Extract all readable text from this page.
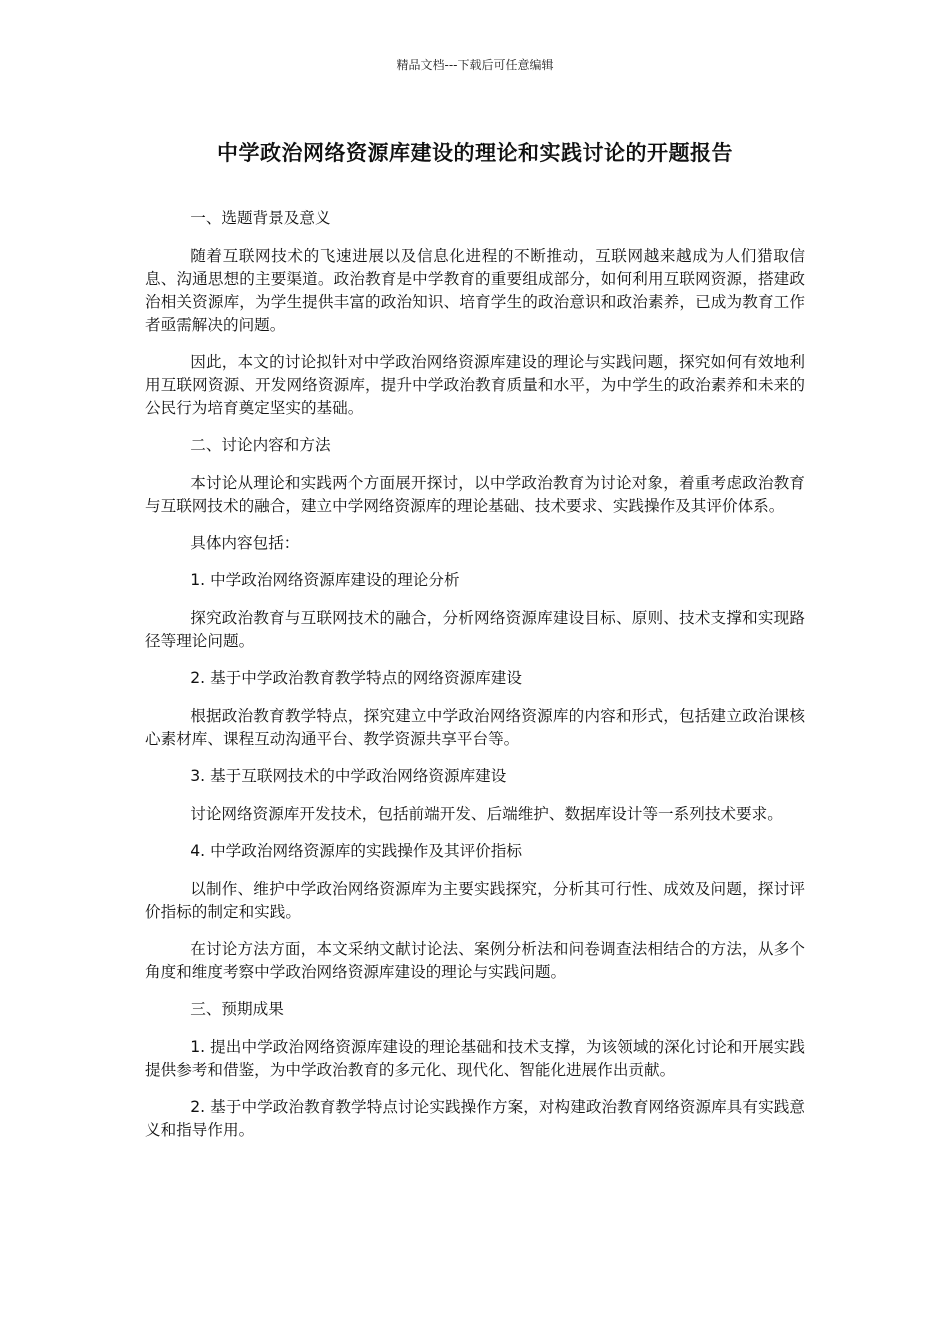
精品文档---下载后可任意编辑
中学政治网络资源库建设的理论和实践讨论的开题报告

一、选题背景及意义

随着互联网技术的飞速进展以及信息化进程的不断推动，互联网越来越成为人们猎取信息、沟通思想的主要渠道。政治教育是中学教育的重要组成部分，如何利用互联网资源，搭建政治相关资源库，为学生提供丰富的政治知识、培育学生的政治意识和政治素养，已成为教育工作者亟需解决的问题。

因此，本文的讨论拟针对中学政治网络资源库建设的理论与实践问题，探究如何有效地利用互联网资源、开发网络资源库，提升中学政治教育质量和水平，为中学生的政治素养和未来的公民行为培育奠定坚实的基础。

二、讨论内容和方法

本讨论从理论和实践两个方面展开探讨，以中学政治教育为讨论对象，着重考虑政治教育与互联网技术的融合，建立中学网络资源库的理论基础、技术要求、实践操作及其评价体系。

具体内容包括：

1. 中学政治网络资源库建设的理论分析

探究政治教育与互联网技术的融合，分析网络资源库建设目标、原则、技术支撑和实现路径等理论问题。

2. 基于中学政治教育教学特点的网络资源库建设

根据政治教育教学特点，探究建立中学政治网络资源库的内容和形式，包括建立政治课核心素材库、课程互动沟通平台、教学资源共享平台等。

3. 基于互联网技术的中学政治网络资源库建设

讨论网络资源库开发技术，包括前端开发、后端维护、数据库设计等一系列技术要求。

4. 中学政治网络资源库的实践操作及其评价指标

以制作、维护中学政治网络资源库为主要实践探究，分析其可行性、成效及问题，探讨评价指标的制定和实践。

在讨论方法方面，本文采纳文献讨论法、案例分析法和问卷调查法相结合的方法，从多个角度和维度考察中学政治网络资源库建设的理论与实践问题。

三、预期成果

1. 提出中学政治网络资源库建设的理论基础和技术支撑，为该领域的深化讨论和开展实践提供参考和借鉴，为中学政治教育的多元化、现代化、智能化进展作出贡献。

2. 基于中学政治教育教学特点讨论实践操作方案，对构建政治教育网络资源库具有实践意义和指导作用。
